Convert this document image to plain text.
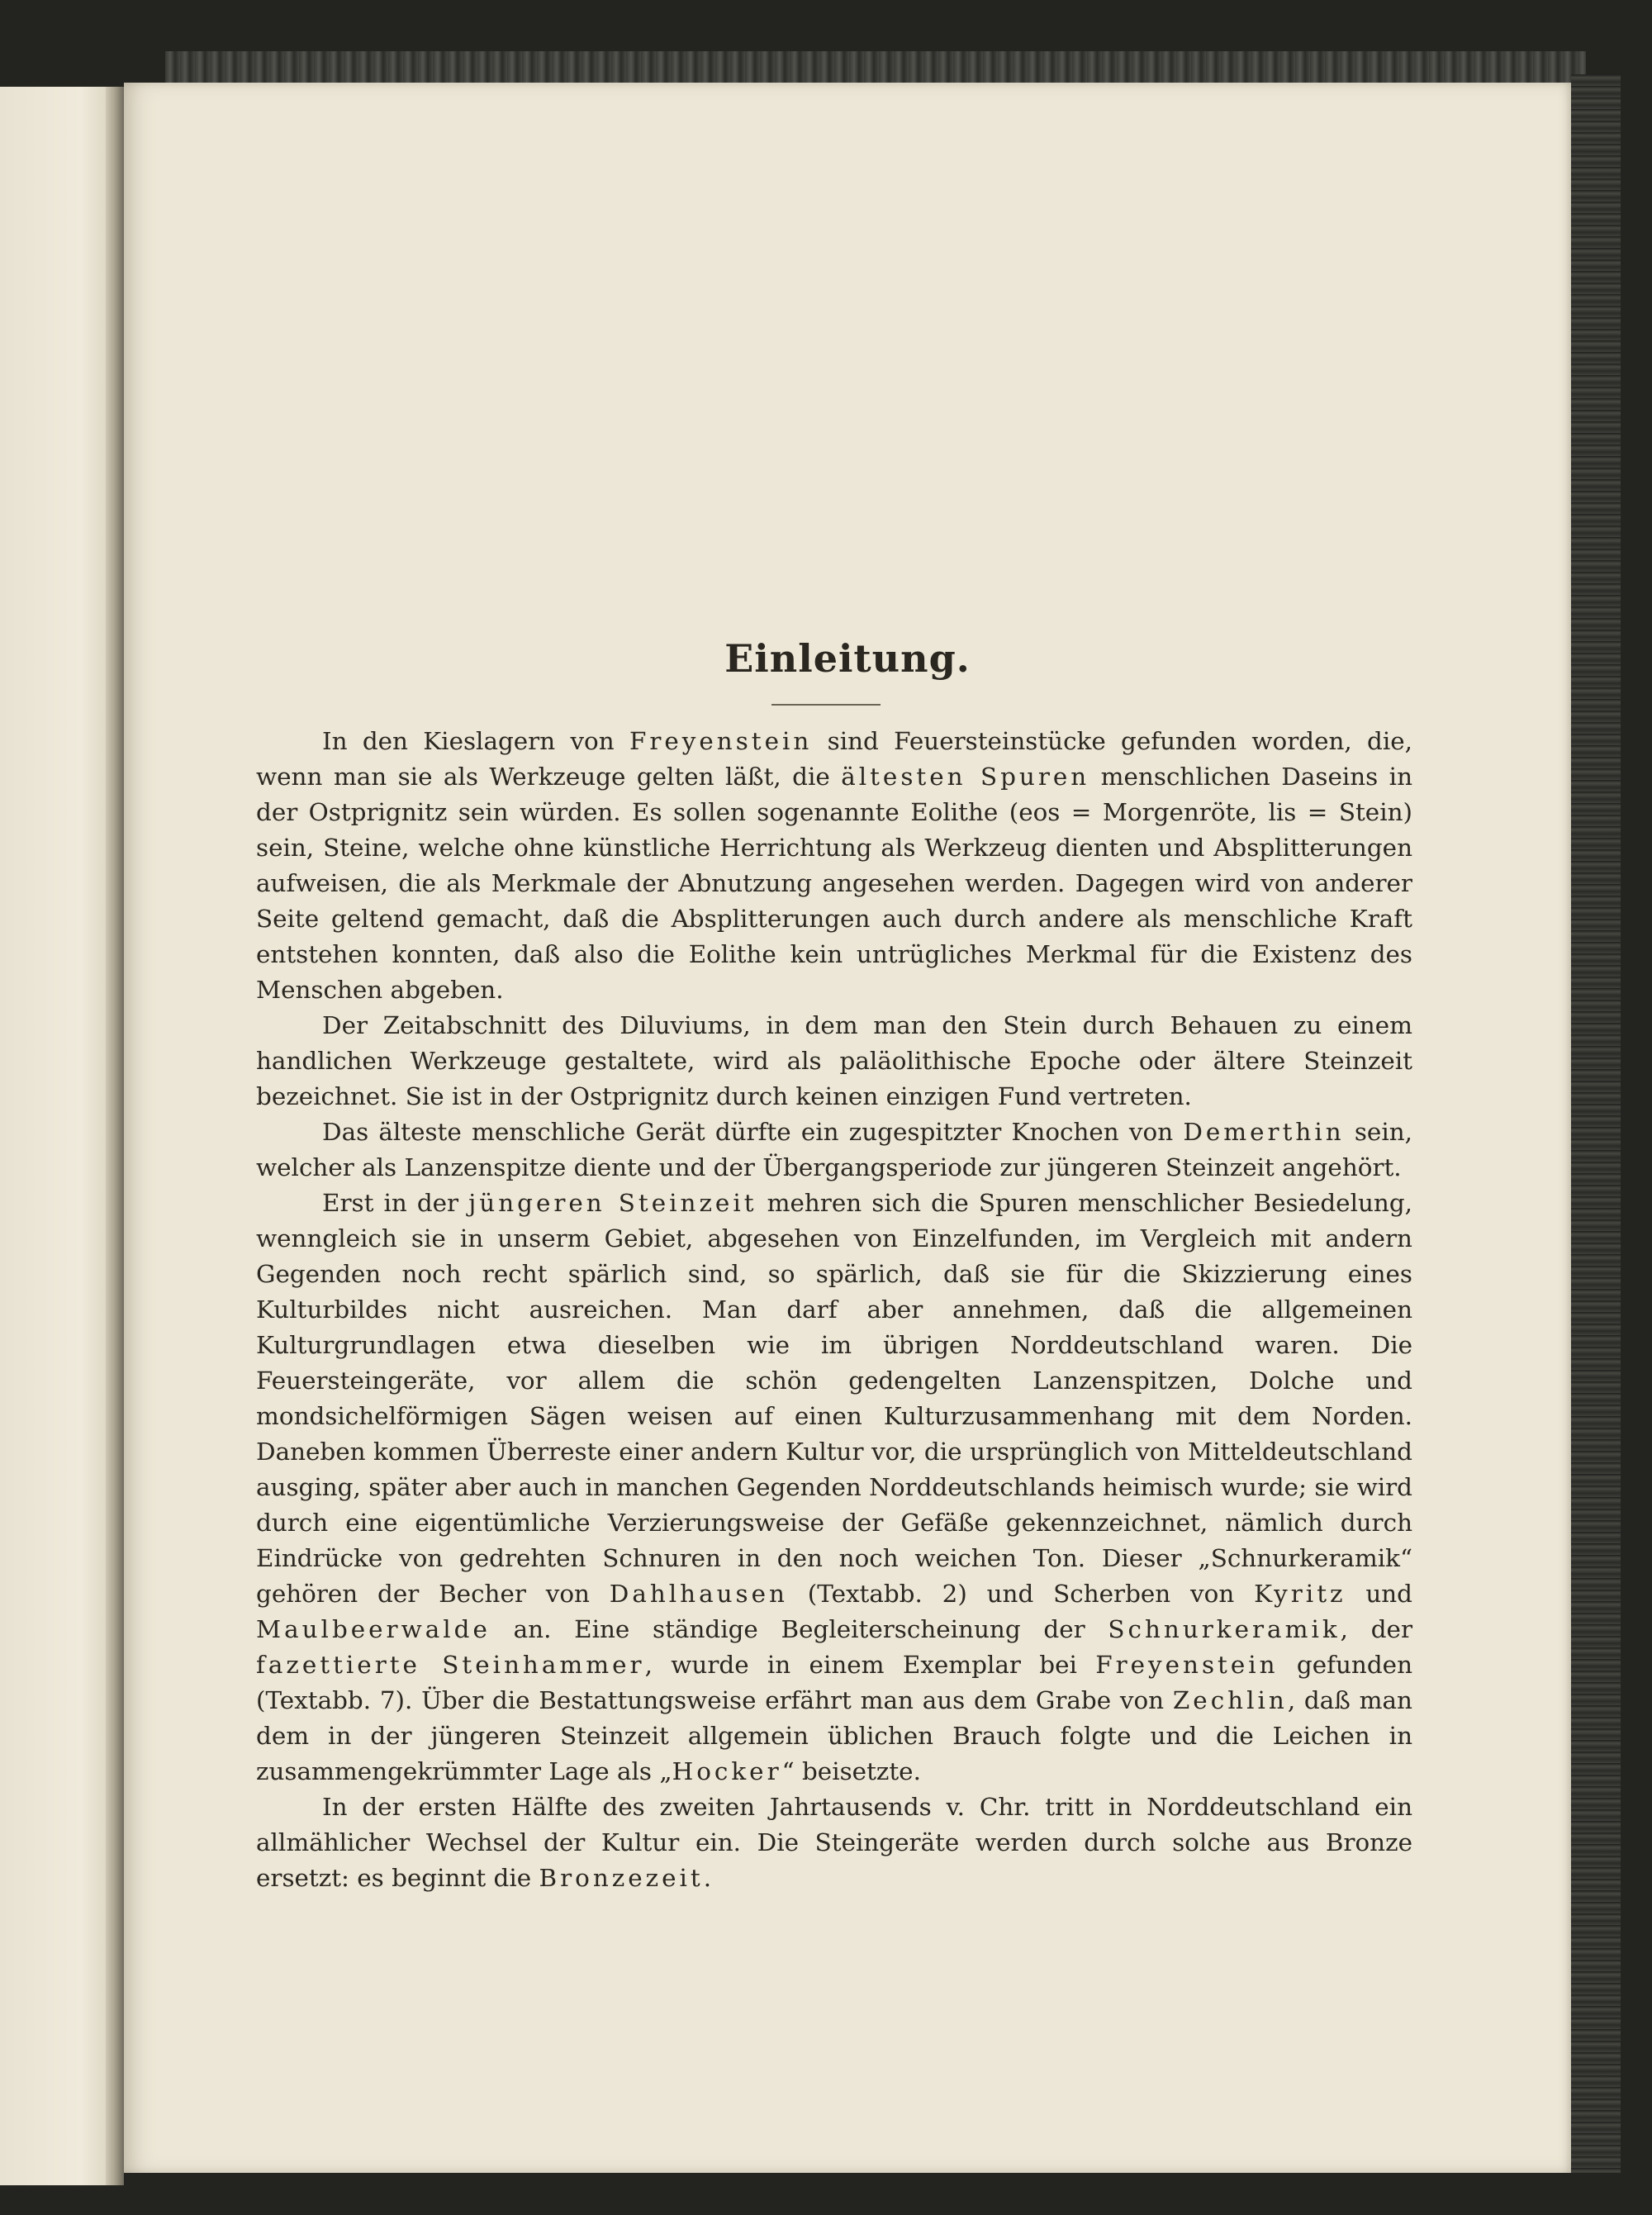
Einleitung.

In den Kieslagern von Freyenstein sind Feuersteinstücke gefunden worden, die, wenn man sie als Werkzeuge gelten läßt, die ältesten Spuren menschlichen Daseins in der Ostprignitz sein würden. Es sollen sogenannte Eolithe (eos = Morgenröte, lis = Stein) sein, Steine, welche ohne künstliche Herrichtung als Werkzeug dienten und Absplitterungen aufweisen, die als Merkmale der Abnutzung angesehen werden. Dagegen wird von anderer Seite geltend gemacht, daß die Absplitterungen auch durch andere als menschliche Kraft entstehen konnten, daß also die Eolithe kein untrügliches Merkmal für die Existenz des Menschen abgeben.

Der Zeitabschnitt des Diluviums, in dem man den Stein durch Behauen zu einem handlichen Werkzeuge gestaltete, wird als paläolithische Epoche oder ältere Steinzeit bezeichnet. Sie ist in der Ostprignitz durch keinen einzigen Fund vertreten.

Das älteste menschliche Gerät dürfte ein zugespitzter Knochen von Demerthin sein, welcher als Lanzenspitze diente und der Übergangsperiode zur jüngeren Steinzeit angehört.

Erst in der jüngeren Steinzeit mehren sich die Spuren menschlicher Besiedelung, wenngleich sie in unserm Gebiet, abgesehen von Einzelfunden, im Vergleich mit andern Gegenden noch recht spärlich sind, so spärlich, daß sie für die Skizzierung eines Kulturbildes nicht ausreichen. Man darf aber annehmen, daß die allgemeinen Kulturgrundlagen etwa dieselben wie im übrigen Norddeutschland waren. Die Feuersteingeräte, vor allem die schön gedengelten Lanzenspitzen, Dolche und mondsichelförmigen Sägen weisen auf einen Kulturzusammenhang mit dem Norden. Daneben kommen Überreste einer andern Kultur vor, die ursprünglich von Mitteldeutschland ausging, später aber auch in manchen Gegenden Norddeutschlands heimisch wurde; sie wird durch eine eigentümliche Verzierungsweise der Gefäße gekennzeichnet, nämlich durch Eindrücke von gedrehten Schnuren in den noch weichen Ton. Dieser „Schnurkeramik“ gehören der Becher von Dahlhausen (Textabb. 2) und Scherben von Kyritz und Maulbeerwalde an. Eine ständige Begleiterscheinung der Schnurkeramik, der fazettierte Steinhammer, wurde in einem Exemplar bei Freyenstein gefunden (Textabb. 7). Über die Bestattungsweise erfährt man aus dem Grabe von Zechlin, daß man dem in der jüngeren Steinzeit allgemein üblichen Brauch folgte und die Leichen in zusammengekrümmter Lage als „Hocker“ beisetzte.

In der ersten Hälfte des zweiten Jahrtausends v. Chr. tritt in Norddeutschland ein allmählicher Wechsel der Kultur ein. Die Steingeräte werden durch solche aus Bronze ersetzt: es beginnt die Bronzezeit.
